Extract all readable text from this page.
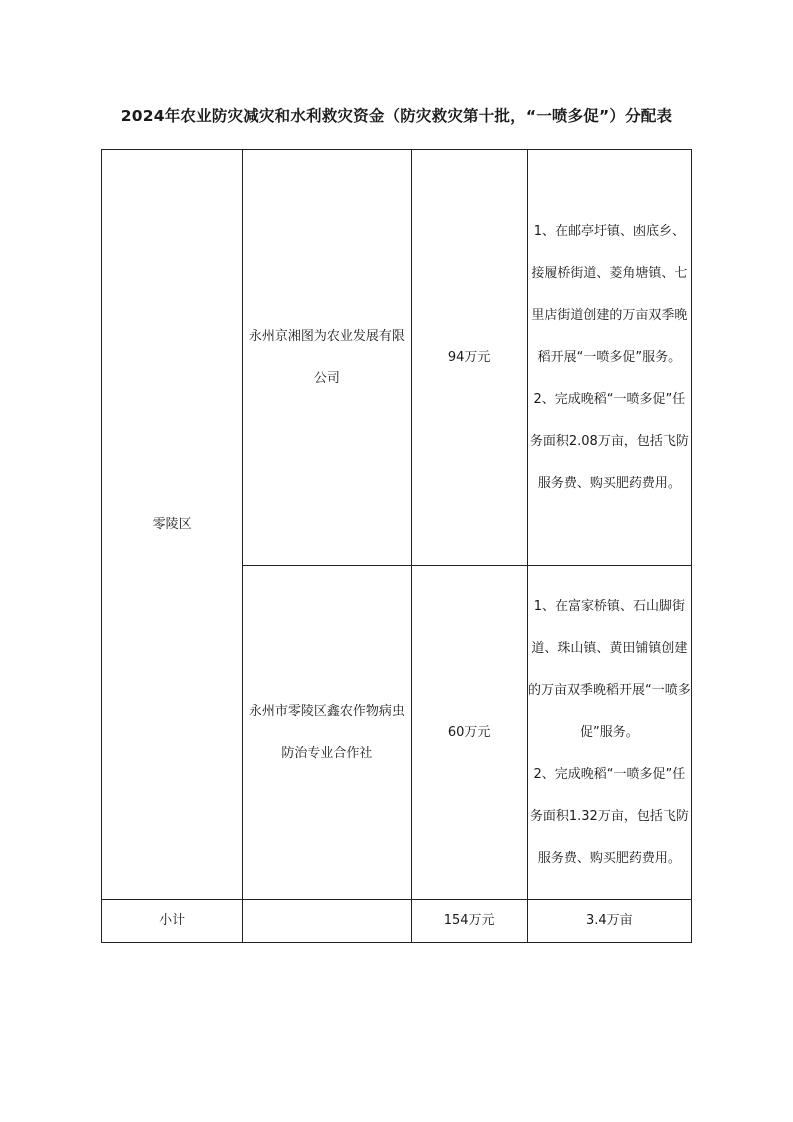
2024年农业防灾减灾和水利救灾资金（防灾救灾第十批，“一喷多促”）分配表
零陵区	永州京湘图为农业发展有限公司	94万元	1、在邮亭圩镇、凼底乡、接履桥街道、菱角塘镇、七里店街道创建的万亩双季晚稻开展“一喷多促”服务。
2、完成晚稻“一喷多促”任务面积2.08万亩，包括飞防服务费、购买肥药费用。

	永州市零陵区鑫农作物病虫防治专业合作社	60万元	1、在富家桥镇、石山脚街道、珠山镇、黄田铺镇创建的万亩双季晚稻开展“一喷多促”服务。
2、完成晚稻“一喷多促”任务面积1.32万亩，包括飞防服务费、购买肥药费用。

小计		154万元	3.4万亩
